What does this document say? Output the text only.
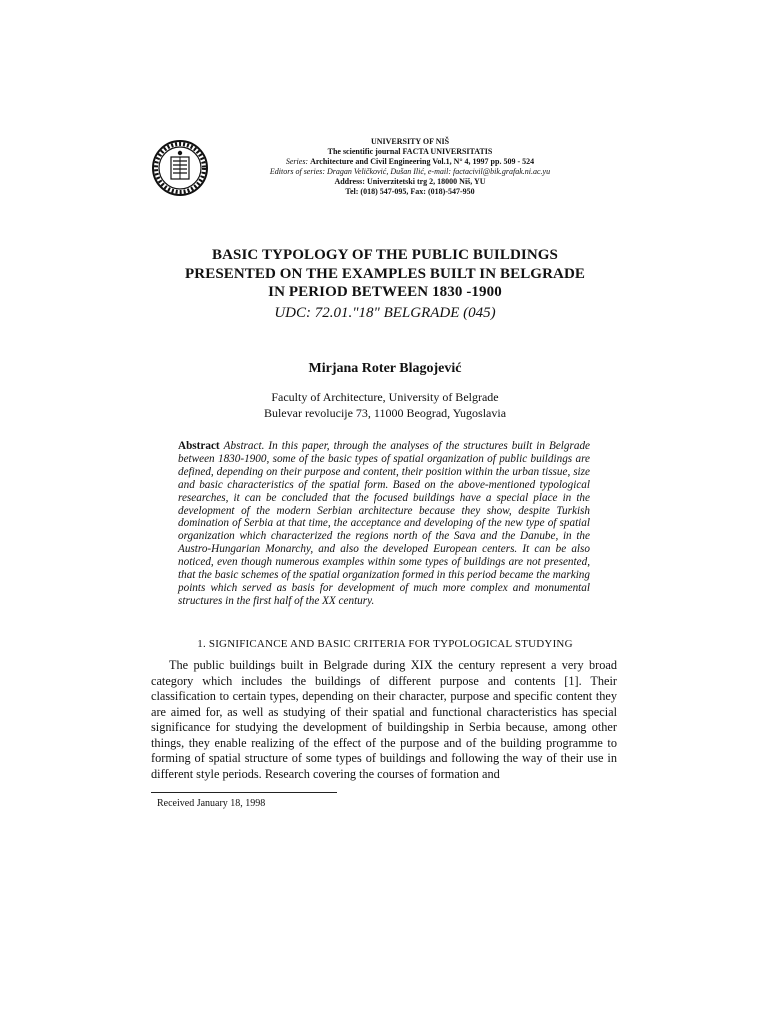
UNIVERSITY OF NIŠ
The scientific journal FACTA UNIVERSITATIS
Series: Architecture and Civil Engineering Vol.1, N° 4, 1997 pp. 509 - 524
Editors of series: Dragan Veličković, Dušan Ilić, e-mail: factacivil@bik.grafak.ni.ac.yu
Address: Univerzitetski trg 2, 18000 Niš, YU
Tel: (018) 547-095, Fax: (018)-547-950
BASIC TYPOLOGY OF THE PUBLIC BUILDINGS
PRESENTED ON THE EXAMPLES BUILT IN BELGRADE
IN PERIOD BETWEEN 1830 -1900
UDC: 72.01."18" BELGRADE (045)
Mirjana Roter Blagojević
Faculty of Architecture, University of Belgrade
Bulevar revolucije 73, 11000 Beograd, Yugoslavia
Abstract Abstract. In this paper, through the analyses of the structures built in Belgrade between 1830-1900, some of the basic types of spatial organization of public buildings are defined, depending on their purpose and content, their position within the urban tissue, size and basic characteristics of the spatial form. Based on the above-mentioned typological researches, it can be concluded that the focused buildings have a special place in the development of the modern Serbian architecture because they show, despite Turkish domination of Serbia at that time, the acceptance and developing of the new type of spatial organization which characterized the regions north of the Sava and the Danube, in the Austro-Hungarian Monarchy, and also the developed European centers. It can be also noticed, even though numerous examples within some types of buildings are not presented, that the basic schemes of the spatial organization formed in this period became the marking points which served as basis for development of much more complex and monumental structures in the first half of the XX century.
1. SIGNIFICANCE AND BASIC CRITERIA FOR TYPOLOGICAL STUDYING
The public buildings built in Belgrade during XIX the century represent a very broad category which includes the buildings of different purpose and contents [1]. Their classification to certain types, depending on their character, purpose and specific content they are aimed for, as well as studying of their spatial and functional characteristics has special significance for studying the development of buildingship in Serbia because, among other things, they enable realizing of the effect of the purpose and of the building programme to forming of spatial structure of some types of buildings and following the way of their use in different style periods. Research covering the courses of formation and
Received January 18, 1998
